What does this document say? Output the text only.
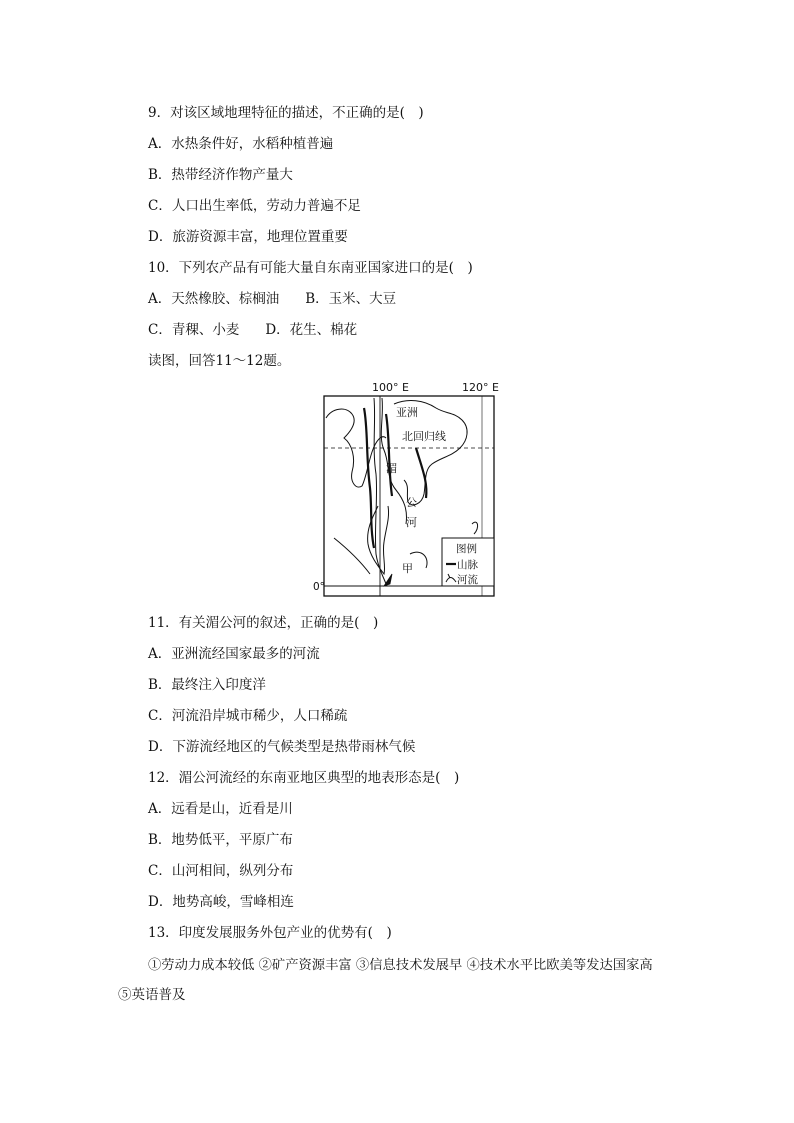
9．对该区域地理特征的描述，不正确的是(　)
A．水热条件好，水稻种植普遍
B．热带经济作物产量大
C．人口出生率低，劳动力普遍不足
D．旅游资源丰富，地理位置重要
10．下列农产品有可能大量自东南亚国家进口的是(　)
A．天然橡胶、棕榈油 B．玉米、大豆
C．青稞、小麦 D．花生、棉花
读图，回答11～12题。
100° E	120° E
0°
亚洲
北回归线
湄
公
河
甲
图例
山脉
河流
11．有关湄公河的叙述，正确的是(　)
A．亚洲流经国家最多的河流
B．最终注入印度洋
C．河流沿岸城市稀少，人口稀疏
D．下游流经地区的气候类型是热带雨林气候
12．湄公河流经的东南亚地区典型的地表形态是(　)
A．远看是山，近看是川
B．地势低平，平原广布
C．山河相间，纵列分布
D．地势高峻，雪峰相连
13．印度发展服务外包产业的优势有(　)
①劳动力成本较低 ②矿产资源丰富 ③信息技术发展早 ④技术水平比欧美等发达国家高
⑤英语普及
